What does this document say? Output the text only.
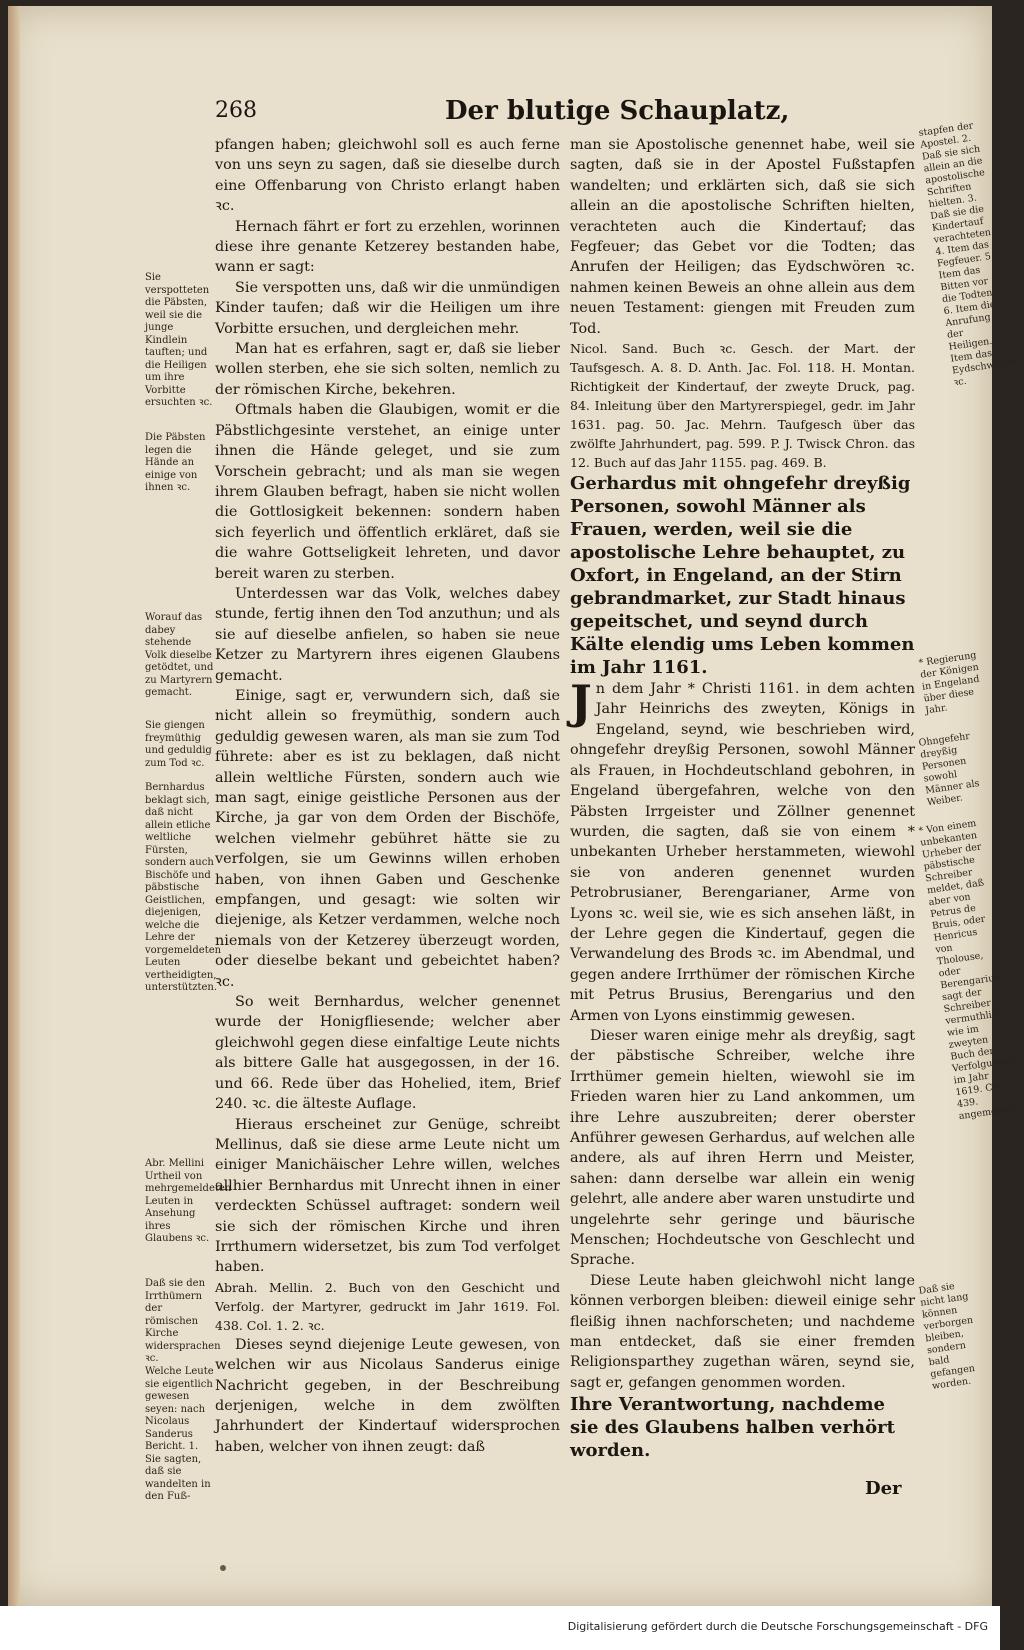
268	Der blutige Schauplatz,

pfangen haben; gleichwohl soll es auch ferne von uns seyn zu sagen, daß sie dieselbe durch eine Offenbarung von Christo erlangt haben ꝛc.

Hernach fährt er fort zu erzehlen, worinnen diese ihre genante Ketzerey bestanden habe, wann er sagt:

Sie verspotten uns, daß wir die unmündigen Kinder taufen; daß wir die Heiligen um ihre Vorbitte ersuchen, und dergleichen mehr.

Man hat es erfahren, sagt er, daß sie lieber wollen sterben, ehe sie sich solten, nemlich zu der römischen Kirche, bekehren.

Oftmals haben die Glaubigen, womit er die Päbstlichgesinte verstehet, an einige unter ihnen die Hände geleget, und sie zum Vorschein gebracht; und als man sie wegen ihrem Glauben befragt, haben sie nicht wollen die Gottlosigkeit bekennen: sondern haben sich feyerlich und öffentlich erkläret, daß sie die wahre Gottseligkeit lehreten, und davor bereit waren zu sterben.

Unterdessen war das Volk, welches dabey stunde, fertig ihnen den Tod anzuthun; und als sie auf dieselbe anfielen, so haben sie neue Ketzer zu Martyrern ihres eigenen Glaubens gemacht.

Einige, sagt er, verwundern sich, daß sie nicht allein so freymüthig, sondern auch geduldig gewesen waren, als man sie zum Tod führete: aber es ist zu beklagen, daß nicht allein weltliche Fürsten, sondern auch wie man sagt, einige geistliche Personen aus der Kirche, ja gar von dem Orden der Bischöfe, welchen vielmehr gebühret hätte sie zu verfolgen, sie um Gewinns willen erhoben haben, von ihnen Gaben und Geschenke empfangen, und gesagt: wie solten wir diejenige, als Ketzer verdammen, welche noch niemals von der Ketzerey überzeugt worden, oder dieselbe bekant und gebeichtet haben? ꝛc.

So weit Bernhardus, welcher genennet wurde der Honigfliesende; welcher aber gleichwohl gegen diese einfaltige Leute nichts als bittere Galle hat ausgegossen, in der 16. und 66. Rede über das Hohelied, item, Brief 240. ꝛc. die älteste Auflage.

Hieraus erscheinet zur Genüge, schreibt Mellinus, daß sie diese arme Leute nicht um einiger Manichäischer Lehre willen, welches allhier Bernhardus mit Unrecht ihnen in einer verdeckten Schüssel auftraget: sondern weil sie sich der römischen Kirche und ihren Irrthumern widersetzet, bis zum Tod verfolget haben.

Abrah. Mellin. 2. Buch von den Geschicht und Verfolg. der Martyrer, gedruckt im Jahr 1619. Fol. 438. Col. 1. 2. ꝛc.

Dieses seynd diejenige Leute gewesen, von welchen wir aus Nicolaus Sanderus einige Nachricht gegeben, in der Beschreibung derjenigen, welche in dem zwölften Jahrhundert der Kindertauf widersprochen haben, welcher von ihnen zeugt: daß

man sie Apostolische genennet habe, weil sie sagten, daß sie in der Apostel Fußstapfen wandelten; und erklärten sich, daß sie sich allein an die apostolische Schriften hielten, verachteten auch die Kindertauf; das Fegfeuer; das Gebet vor die Todten; das Anrufen der Heiligen; das Eydschwören ꝛc. nahmen keinen Beweis an ohne allein aus dem neuen Testament: giengen mit Freuden zum Tod.

Nicol. Sand. Buch ꝛc. Gesch. der Mart. der Taufsgesch. A. 8. D. Anth. Jac. Fol. 118. H. Montan. Richtigkeit der Kindertauf, der zweyte Druck, pag. 84. Inleitung über den Martyrerspiegel, gedr. im Jahr 1631. pag. 50. Jac. Mehrn. Taufgesch über das zwölfte Jahrhundert, pag. 599. P. J. Twisck Chron. das 12. Buch auf das Jahr 1155. pag. 469. B.

Gerhardus mit ohngefehr dreyßig Personen, sowohl Männer als Frauen, werden, weil sie die apostolische Lehre behauptet, zu Oxfort, in Engeland, an der Stirn gebrandmarket, zur Stadt hinaus gepeitschet, und seynd durch Kälte elendig ums Leben kommen im Jahr 1161.

Jn dem Jahr * Christi 1161. in dem achten Jahr Heinrichs des zweyten, Königs in Engeland, seynd, wie beschrieben wird, ohngefehr dreyßig Personen, sowohl Männer als Frauen, in Hochdeutschland gebohren, in Engeland übergefahren, welche von den Päbsten Irrgeister und Zöllner genennet wurden, die sagten, daß sie von einem * unbekanten Urheber herstammeten, wiewohl sie von anderen genennet wurden Petrobrusianer, Berengarianer, Arme von Lyons ꝛc. weil sie, wie es sich ansehen läßt, in der Lehre gegen die Kindertauf, gegen die Verwandelung des Brods ꝛc. im Abendmal, und gegen andere Irrthümer der römischen Kirche mit Petrus Brusius, Berengarius und den Armen von Lyons einstimmig gewesen.

Dieser waren einige mehr als dreyßig, sagt der päbstische Schreiber, welche ihre Irrthümer gemein hielten, wiewohl sie im Frieden waren hier zu Land ankommen, um ihre Lehre auszubreiten; derer oberster Anführer gewesen Gerhardus, auf welchen alle andere, als auf ihren Herrn und Meister, sahen: dann derselbe war allein ein wenig gelehrt, alle andere aber waren unstudirte und ungelehrte sehr geringe und bäurische Menschen; Hochdeutsche von Geschlecht und Sprache.

Diese Leute haben gleichwohl nicht lange können verborgen bleiben: dieweil einige sehr fleißig ihnen nachforscheten; und nachdeme man entdecket, daß sie einer fremden Religionsparthey zugethan wären, seynd sie, sagt er, gefangen genommen worden.

Ihre Verantwortung, nachdeme sie des Glaubens halben verhört worden.

Sie verspotteten die Päbsten, weil sie die junge Kindlein tauften; und die Heiligen um ihre Vorbitte ersuchten ꝛc.
Die Päbsten legen die Hände an einige von ihnen ꝛc.
Worauf das dabey stehende Volk dieselbe getödtet, und zu Martyrern gemacht.
Sie giengen freymüthig und geduldig zum Tod ꝛc.
Bernhardus beklagt sich, daß nicht allein etliche weltliche Fürsten, sondern auch Bischöfe und päbstische Geistlichen, diejenigen, welche die Lehre der vorgemeldeten Leuten vertheidigten, unterstützten.
Abr. Mellini Urtheil von mehrgemeldeten Leuten in Ansehung ihres Glaubens ꝛc.
Daß sie den Irrthümern der römischen Kirche widersprachen ꝛc.
Welche Leute sie eigentlich gewesen seyen: nach Nicolaus Sanderus Bericht. 1. Sie sagten, daß sie wandelten in den Fuß-
stapfen der Apostel. 2. Daß sie sich allein an die apostolische Schriften hielten. 3. Daß sie die Kindertauf verachteten. 4. Item das Fegfeuer. 5. Item das Bitten vor die Todten. 6. Item die Anrufung der Heiligen. 7. Item das Eydschwören ꝛc.
* Regierung der Königen in Engeland über diese Jahr.
Ohngefehr dreyßig Personen sowohl Männer als Weiber.
* Von einem unbekanten Urheber der päbstische Schreiber meldet, daß aber von Petrus de Bruis, oder Henricus von Tholouse, oder Berengarius sagt der Schreiber vermuthlich, wie im zweyten Buch der Verfolgungen im Jahr 1619. Col. 439. angemerket.
Daß sie nicht lang können verborgen bleiben, sondern bald gefangen worden.
Der
Digitalisierung gefördert durch die Deutsche Forschungsgemeinschaft - DFG
